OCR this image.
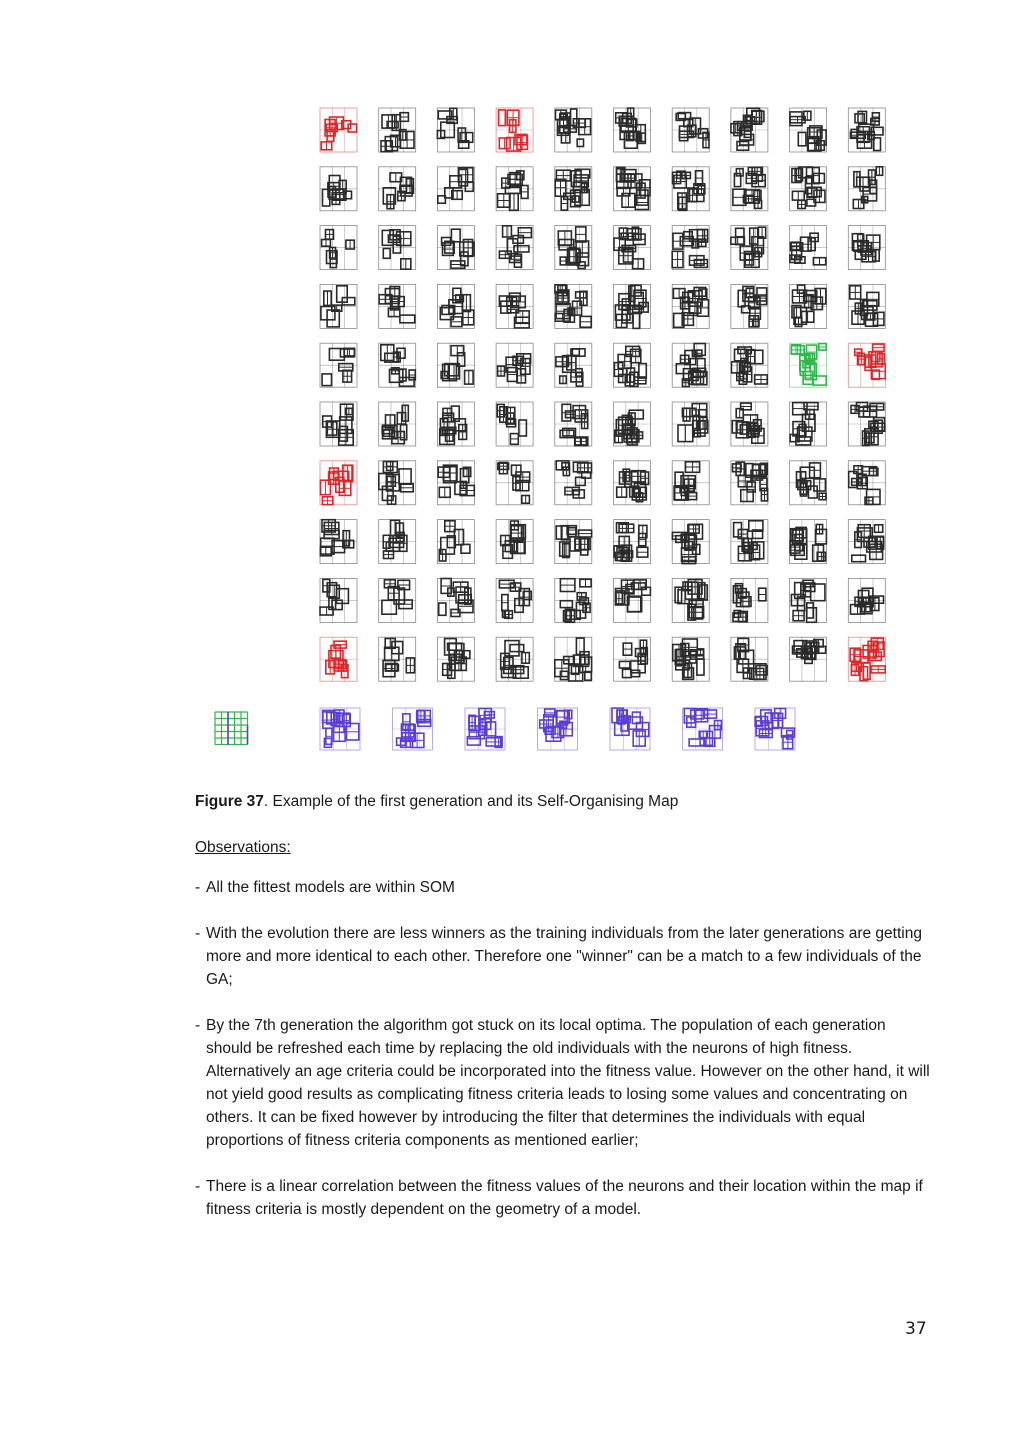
Figure 37. Example of the first generation and its Self-Organising Map
Observations:
- All the fittest models are within SOM
- With the evolution there are less winners as the training individuals from the later generations are getting more and more identical to each other. Therefore one "winner" can be a match to a few individuals of the GA;
- By the 7th generation the algorithm got stuck on its local optima. The population of each generation should be refreshed each time by replacing the old individuals with the neurons of high fitness. Alternatively an age criteria could be incorporated into the fitness value. However on the other hand, it will not yield good results as complicating fitness criteria leads to losing some values and concentrating on others. It can be fixed however by introducing the filter that determines the individuals with equal proportions of fitness criteria components as mentioned earlier;
- There is a linear correlation between the fitness values of the neurons and their location within the map if fitness criteria is mostly dependent on the geometry of a model.
37
